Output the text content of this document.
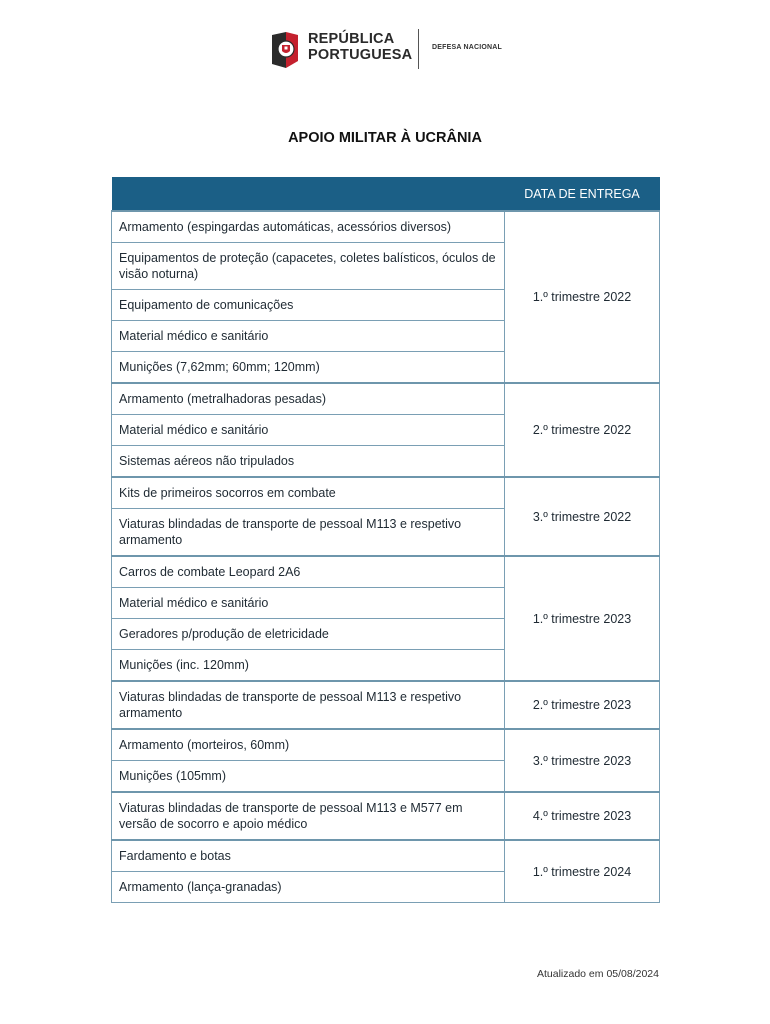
REPÚBLICA
PORTUGUESA	DEFESA NACIONAL
APOIO MILITAR À UCRÂNIA
	DATA DE ENTREGA
Armamento (espingardas automáticas, acessórios diversos)	1.º trimestre 2022
Equipamentos de proteção (capacetes, coletes balísticos, óculos de visão noturna)	
Equipamento de comunicações	
Material médico e sanitário	
Munições (7,62mm; 60mm; 120mm)	
Armamento (metralhadoras pesadas)	2.º trimestre 2022
Material médico e sanitário	
Sistemas aéreos não tripulados	
Kits de primeiros socorros em combate	3.º trimestre 2022
Viaturas blindadas de transporte de pessoal M113 e respetivo armamento	
Carros de combate Leopard 2A6	1.º trimestre 2023
Material médico e sanitário	
Geradores p/produção de eletricidade	
Munições (inc. 120mm)	
Viaturas blindadas de transporte de pessoal M113 e respetivo armamento	2.º trimestre 2023
Armamento (morteiros, 60mm)	3.º trimestre 2023
Munições (105mm)	
Viaturas blindadas de transporte de pessoal M113 e M577 em versão de socorro e apoio médico	4.º trimestre 2023
Fardamento e botas	1.º trimestre 2024
Armamento (lança-granadas)	
Atualizado em 05/08/2024
